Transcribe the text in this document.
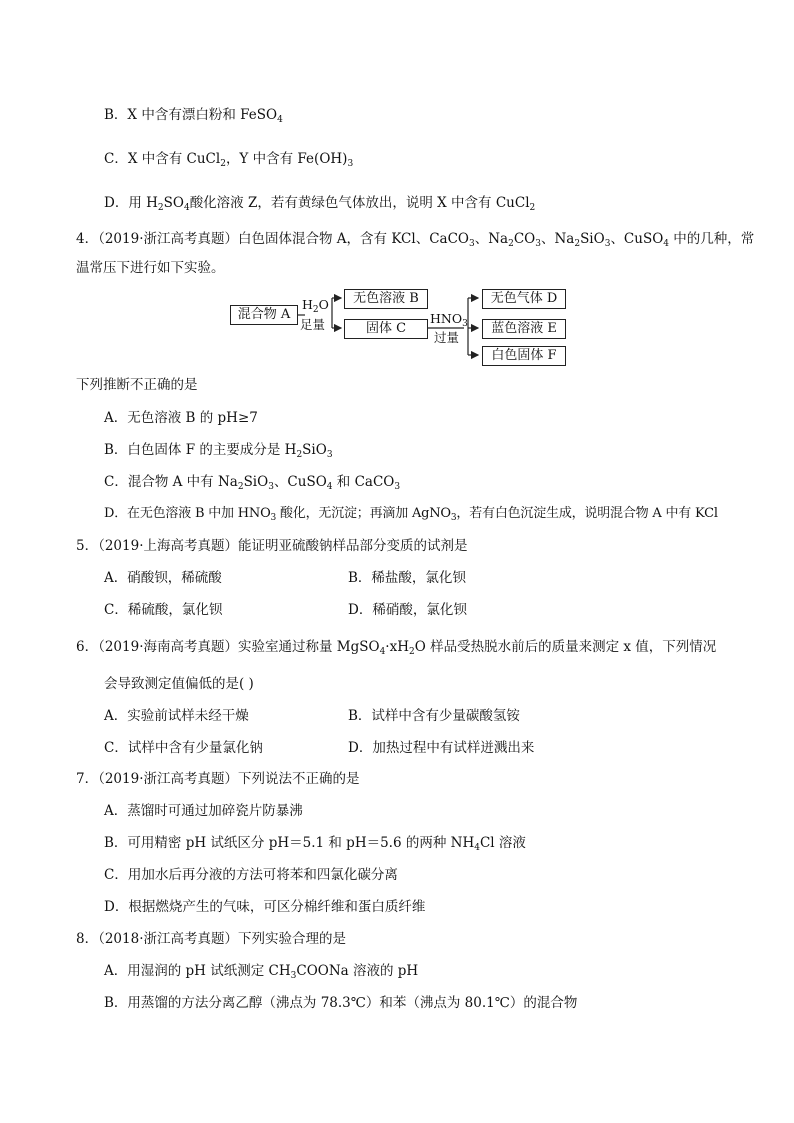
B．X 中含有漂白粉和 FeSO$_4$
C．X 中含有 CuCl$_2$，Y 中含有 $Fe(OH)_3$
D．用 $H_2SO_4$酸化溶液 Z，若有黄绿色气体放出，说明 X 中含有 CuCl$_2$
4．（2019·浙江高考真题）白色固体混合物 A，含有 KCl、CaCO$_3$、$Na_2CO_3$、$Na_2SiO_3$、CuSO$_4$ 中的几种，常
温常压下进行如下实验。
混合物 A
$H_2O$
足量
无色溶液 B
固体 C
$HNO_3$
过量
无色气体 D
蓝色溶液 E
白色固体 F
下列推断不正确的是
A．无色溶液 B 的 pH≥7
B．白色固体 F 的主要成分是 $H_2SiO_3$
C．混合物 A 中有 $Na_2SiO_3$、CuSO$_4$ 和 CaCO$_3$
D．在无色溶液 B 中加 $HNO_3$ 酸化，无沉淀；再滴加 AgNO$_3$，若有白色沉淀生成，说明混合物 A 中有 KCl
5．（2019·上海高考真题）能证明亚硫酸钠样品部分变质的试剂是
A．硝酸钡，稀硫酸	B．稀盐酸，氯化钡
C．稀硫酸，氯化钡	D．稀硝酸，氯化钡
6．（2019·海南高考真题）实验室通过称量 $MgSO_4\cdot xH_2O$ 样品受热脱水前后的质量来测定 x 值，下列情况
会导致测定值偏低的是( )
A．实验前试样未经干燥	B．试样中含有少量碳酸氢铵
C．试样中含有少量氯化钠	D．加热过程中有试样迸溅出来
7．（2019·浙江高考真题）下列说法不正确的是
A．蒸馏时可通过加碎瓷片防暴沸
B．可用精密 pH 试纸区分 pH＝5.1 和 pH＝5.6 的两种 $NH_4Cl$ 溶液
C．用加水后再分液的方法可将苯和四氯化碳分离
D．根据燃烧产生的气味，可区分棉纤维和蛋白质纤维
8．（2018·浙江高考真题）下列实验合理的是
A．用湿润的 pH 试纸测定 $CH_3COONa$ 溶液的 pH
B．用蒸馏的方法分离乙醇（沸点为 78.3℃）和苯（沸点为 80.1℃）的混合物
